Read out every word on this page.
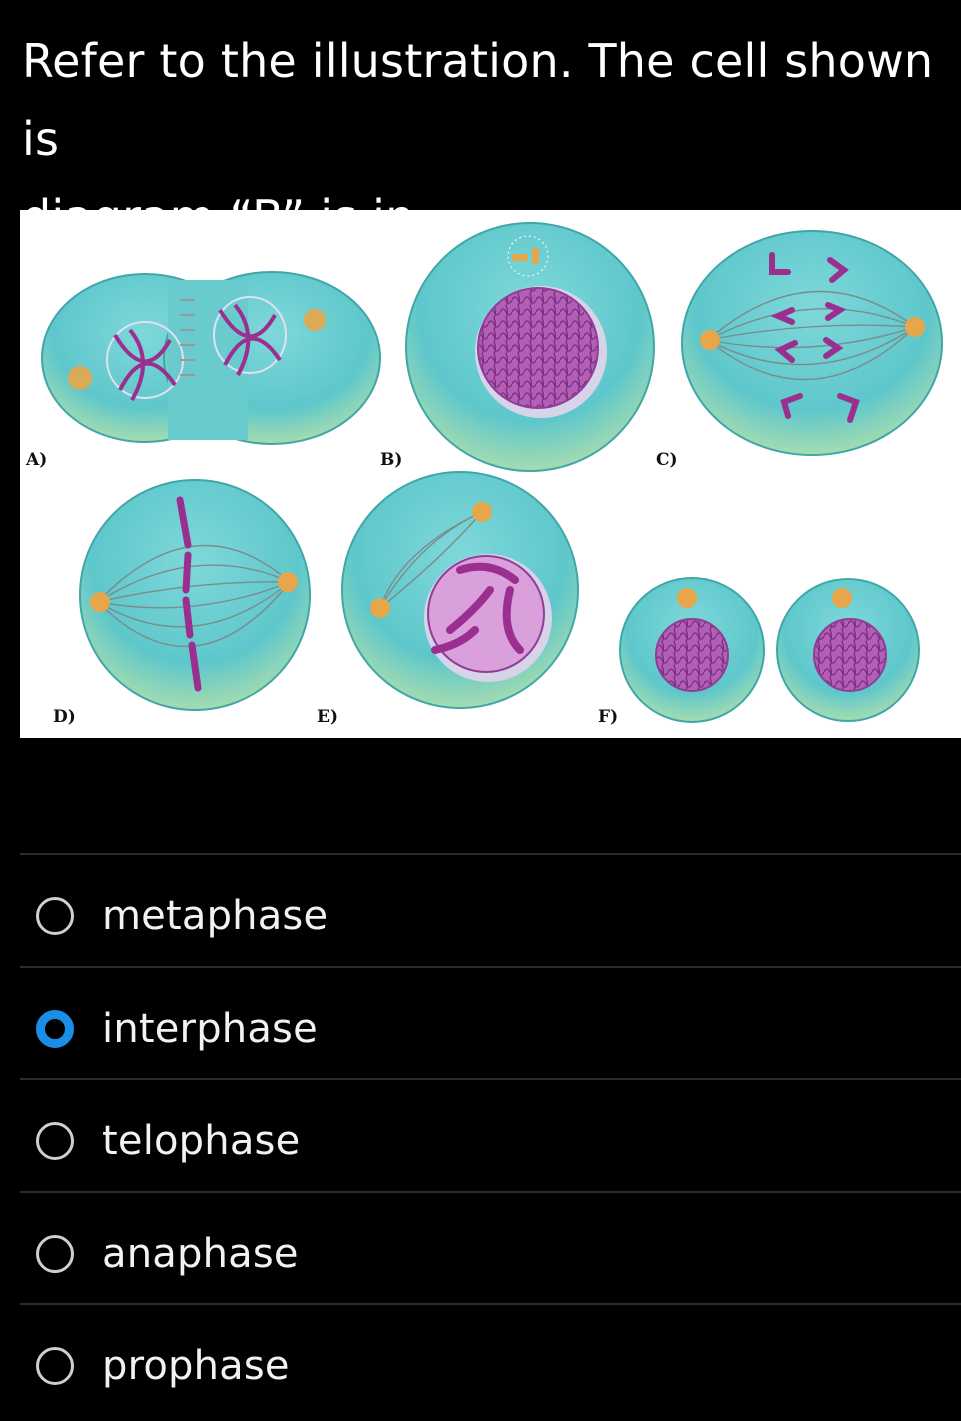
Refer to the illustration. The cell shown is

A)	B)	C)
D)	E)	F)
metaphase
interphase
telophase
anaphase
prophase
